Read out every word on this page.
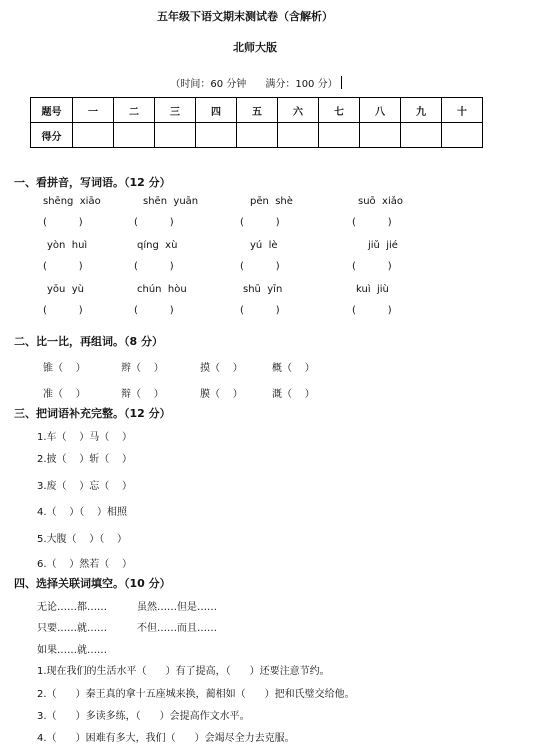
五年级下语文期末测试卷（含解析）
北师大版

（时间：60 分钟      满分：100 分）

题号	一	二	三	四	五	六	七	八	九	十
得分										
一、看拼音，写词语。（12 分）
shēng  xiāo	shēn  yuān	pēn  shè	suō  xiǎo
(          )	(          )	(          )	(          )
yòn  huì	qíng  xù	yú  lè	jiǔ  jié
(          )	(          )	(          )	(          )
yōu  yù	chún  hòu	shū  yīn	kuì  jiù
(          )	(          )	(          )	(          )
二、比一比，再组词。（8 分）
锥（    ）	辫（    ）	摸（    ）	概（    ）
准（    ）	辩（    ）	膜（    ）	溉（    ）
三、把词语补充完整。（12 分）
1.车（    ）马（    ）
2.披（    ）斩（    ）
3.废（    ）忘（    ）
4.（    ）（    ）相照
5.大腹（    ）（    ）
6.（    ）然若（    ）
四、选择关联词填空。（10 分）
无论……都……	虽然……但是……
只要……就……	不但……而且……
如果……就……
1.现在我们的生活水平（      ）有了提高，（      ）还要注意节约。
2.（      ）秦王真的拿十五座城来换，蔺相如（      ）把和氏璧交给他。
3.（      ）多读多练，（      ）会提高作文水平。
4.（      ）困难有多大，我们（      ）会竭尽全力去克服。
